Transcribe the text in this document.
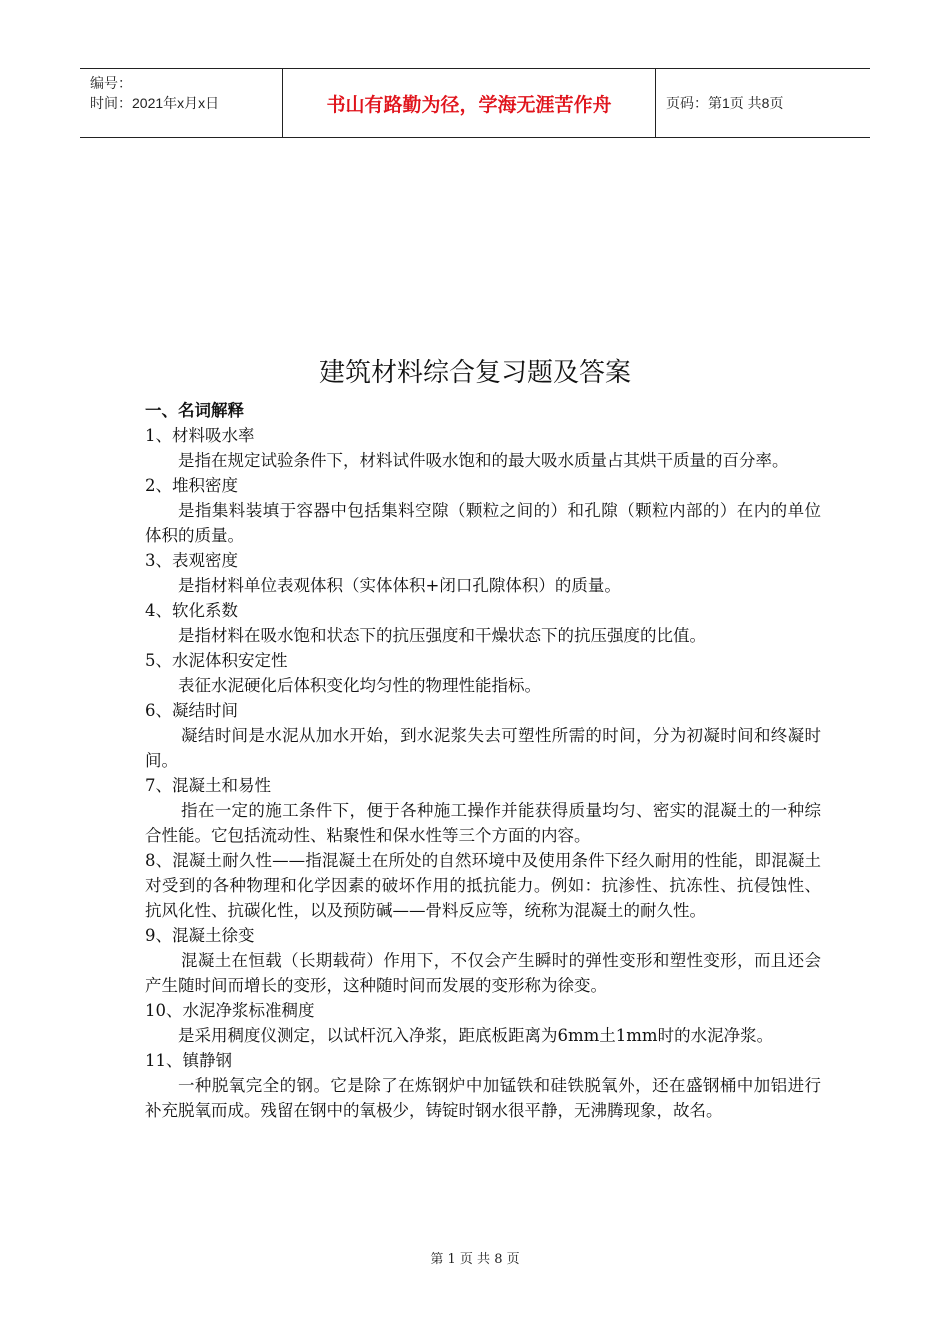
编号：
时间：2021年x月x日	书山有路勤为径，学海无涯苦作舟	页码：第1页 共8页
建筑材料综合复习题及答案
一、名词解释
1、材料吸水率
是指在规定试验条件下，材料试件吸水饱和的最大吸水质量占其烘干质量的百分率。
2、堆积密度
是指集料装填于容器中包括集料空隙（颗粒之间的）和孔隙（颗粒内部的）在内的单位体积的质量。
3、表观密度
是指材料单位表观体积（实体体积+闭口孔隙体积）的质量。
4、软化系数
是指材料在吸水饱和状态下的抗压强度和干燥状态下的抗压强度的比值。
5、水泥体积安定性
表征水泥硬化后体积变化均匀性的物理性能指标。
6、凝结时间
凝结时间是水泥从加水开始，到水泥浆失去可塑性所需的时间，分为初凝时间和终凝时间。
7、混凝土和易性
指在一定的施工条件下，便于各种施工操作并能获得质量均匀、密实的混凝土的一种综合性能。它包括流动性、粘聚性和保水性等三个方面的内容。
8、混凝土耐久性——指混凝土在所处的自然环境中及使用条件下经久耐用的性能，即混凝土对受到的各种物理和化学因素的破坏作用的抵抗能力。例如：抗渗性、抗冻性、抗侵蚀性、抗风化性、抗碳化性，以及预防碱——骨料反应等，统称为混凝土的耐久性。
9、混凝土徐变
混凝土在恒载（长期载荷）作用下，不仅会产生瞬时的弹性变形和塑性变形，而且还会产生随时间而增长的变形，这种随时间而发展的变形称为徐变。
10、水泥净浆标准稠度
是采用稠度仪测定，以试杆沉入净浆，距底板距离为6mm土1mm时的水泥净浆。
11、镇静钢
一种脱氧完全的钢。它是除了在炼钢炉中加锰铁和硅铁脱氧外，还在盛钢桶中加铝进行补充脱氧而成。残留在钢中的氧极少，铸锭时钢水很平静，无沸腾现象，故名。
第 1 页 共 8 页
